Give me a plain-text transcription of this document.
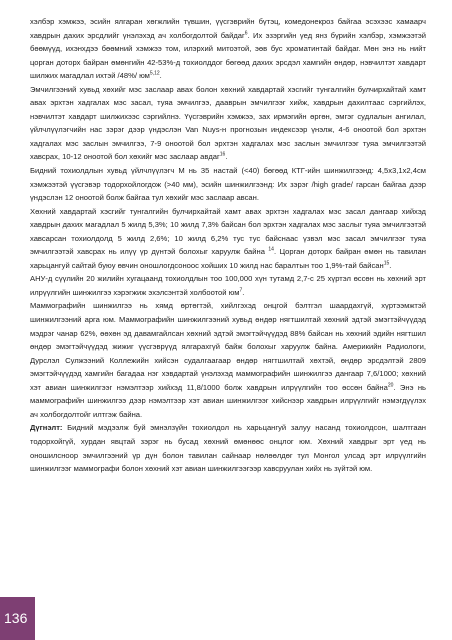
хэлбэр хэмжээ, эсийн ялгаран хөгжлийн түвшин, үүсгэврийн бүтэц, комедонекроз байгаа эсэхээс хамаарч хавдрын дахих эрсдлийг үнэлэхэд ач холбогдолтой байдаг$^6$. Их эзэргийн үед янз бүрийн хэлбэр, хэмжээтэй бөөмүүд, ихэнхдээ бөөмний хэмжээ том, илэрхий митоэтой, эөв бус хроматинтай байдаг. Мөн энэ нь нийт цорган доторх байран өмөнгийн 42-53%-д тохиолддог бөгөөд дахих эрсдэл хамгийн өндөр, нэвчилтэт хавдарт шилжих магадлал ихтэй /48%/ юм$^{5,12}$.

Эмчилгээний хувьд хөхийг мэс заслаар авах болон хөхний хавдартай хэсгийг тунгалгийн булчирхайтай хамт авах эрхтэн хадгалах мэс засал, туяа эмчилгээ, дааврын эмчилгээг хийж, хавдрын дахилтаас сэргийлэх, нэвчилтэт хавдарт шилжихээс сэргийлнэ. Үүсгэврийн хэмжээ, зах ирмэгийн өргөн, эмгэг судлалын ангилал, үйлчлүүлэгчийн нас зэрэг дээр үндэслэн Van Nuys-н прогнозын индексээр үнэлж, 4-6 оноотой бол эрхтэн хадгалах мэс заслын эмчилгээ, 7-9 оноотой бол эрхтэн хадгалах мэс заслын эмчилгээг туяа эмчилгээтэй хавсрах, 10-12 оноотой бол хөхийг мэс заслаар авдаг$^{16}$.

Бидний тохиолдлын хувьд үйлчлүүлэгч М нь 35 настай (<40) бөгөөд КТГ-ийн шинжилгээнд: 4,5х3,1х2,4см хэмжээтэй үүсгэвэр тодорхойлогдож (>40 мм), эсийн шинжилгээнд: Их зэрэг /high grade/ гарсан байгаа дээр үндэслэн 12 оноотой болж байгаа тул хөхийг мэс заслаар авсан.

Хөхний хавдартай хэсгийг тунгалгийн булчирхайтай хамт авах эрхтэн хадгалах мэс засал дангаар хийхэд хавдрын дахих магадлал 5 жилд 5,3%; 10 жилд 7,3% байсан бол эрхтэн хадгалах мэс заслыг туяа эмчилгээтэй хавсарсан тохиолдолд 5 жилд 2,6%; 10 жилд 6,2% тус тус байснаас үзвэл мэс засал эмчилгээг туяа эмчилгээтэй хавсрах нь илүү үр дүнтэй болохыг харуулж байна $^{14}$. Цорган доторх байран өмөн нь тавилан харьцангуй сайтай буюу өвчин оношлогдсоноос хойших 10 жилд нас баралтын тоо 1,9%-тай байсан$^{15}$.

АНУ-д сүүлийн 20 жилийн хугацаанд тохиолдлын тоо 100,000 хүн тутамд 2,7-с 25 хүртэл өссөн нь хөхний эрт илрүүлгийн шинжилгээ хэрэгжиж эхэлсэнтэй холбоотой $юм^7$.

Маммографийн шинжилгээ нь хямд өртөгтэй, хийлгэхэд онцгой бэлтгэл шаардахгүй, хүртээмжтэй шинжилгээний арга юм. Маммографийн шинжилгээний хувьд өндөр нягтшилтай хөхний эдтэй эмэгтэйчүүдэд мэдрэг чанар 62%, өөхөн эд давамгайлсан хөхний эдтэй эмэгтэйчүүдэд 88% байсан нь хөхний эдийн нягтшил өндөр эмэгтэйчүүдэд жижиг үүсгэврүүд ялгарахгүй байж болохыг харуулж байна. Америкийн Радиологи, Дурслэл Сулжээний Коллежийн хийсэн судалгаагаар өндөр нягтшилтай хөхтэй, өндөр эрсдэлтэй 2809 эмэгтэйчүүдэд хамгийн багадаа нэг хэвдартай үнэлэхэд маммографийн шинжилгээ дангаар 7,6/1000; хөхний хэт авиан шинжилгээг нэмэлтээр хийхэд 11,8/1000 болж хавдрын илрүүлгийн тоо өссөн байна$^{20}$. Энэ нь маммографийн шинжилгээ дээр нэмэлтээр хэт авиан шинжилгээг хийснээр хавдрын илрүүлгийг нэмэгдүүлэх ач холбогдолтойг илтгэж байна.

Дүгнэлт: Бидний мэдээлж буй эмнэлзүйн тохиолдол нь харьцангуй залуу насанд тохиолдсон, шалтгаан тодорхойгүй, хурдан явцтай зэрэг нь бусад хөхний өмөнөөс онцлог юм. Хөхний хавдрыг эрт үед нь оношилсноор эмчилгээний үр дүн болон тавилан сайнаар нөлөөлдөг тул Монгол улсад эрт илрүүлгийн шинжилгээг маммографи болон хөхний хэт авиан шинжилгээгээр хавсруулан хийх нь зүйтэй юм.

136
